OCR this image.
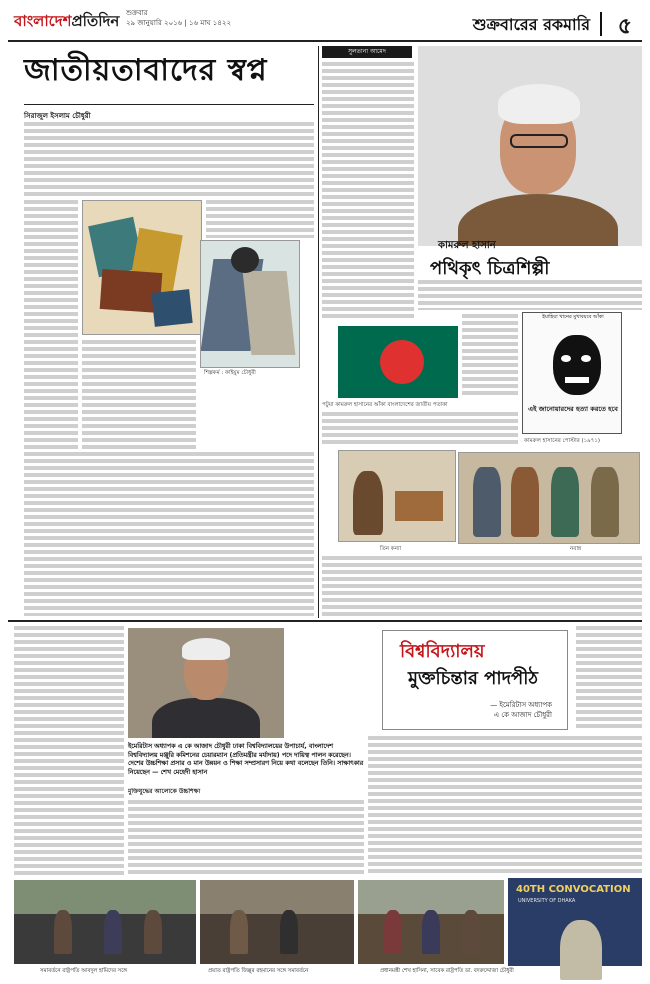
বাংলাদেশপ্রতিদিন শুক্রবার
২৯ জানুয়ারি ২০১৬ | ১৬ মাঘ ১৪২২	শুক্রবারের রকমারি ৫
জাতীয়তাবাদের স্বপ্ন
সিরাজুল ইসলাম চৌধুরী
শিল্পকর্ম : কাইয়ুম চৌধুরী
সুলতানা আমেদ
কামরুল হাসান
পথিকৃৎ চিত্রশিল্পী
পটুয়া কামরুল হাসানের আঁকা বাংলাদেশের জাতীয় পতাকা
ইয়াহিয়া খানের মুখাবয়বে আঁকা
এই জানোয়ারদের হত্যা করতে হবে
কামরুল হাসানের পোস্টার (১৯৭১)
তিন কন্যা	নবান্ন
বিশ্ববিদ্যালয়
মুক্তচিন্তার পাদপীঠ
— ইমেরিটাস অধ্যাপক
এ কে আজাদ চৌধুরী
ইমেরিটাস অধ্যাপক এ কে আজাদ চৌধুরী ঢাকা বিশ্ববিদ্যালয়ের উপাচার্য, বাংলাদেশ বিশ্ববিদ্যালয় মঞ্জুরি কমিশনের চেয়ারম্যান (প্রতিমন্ত্রীর মর্যাদায়) পদে দায়িত্ব পালন করেছেন। দেশের উচ্চশিক্ষা প্রসার ও মান উন্নয়ন ও শিক্ষা সম্প্রসারণ নিয়ে কথা বলেছেন তিনি। সাক্ষাৎকার নিয়েছেন — শেখ মেহেদী হাসান
মুক্তিযুদ্ধের আলোকে উচ্চশিক্ষা
40TH CONVOCATION
UNIVERSITY OF DHAKA
সমাবর্তনে রাষ্ট্রপতি আবদুল হামিদের সঙ্গে	প্রয়াত রাষ্ট্রপতি জিল্লুর রহমানের সঙ্গে সমাবর্তনে	প্রধানমন্ত্রী শেখ হাসিনা, সাবেক রাষ্ট্রপতি ডা. বদরুদ্দোজা চৌধুরী
